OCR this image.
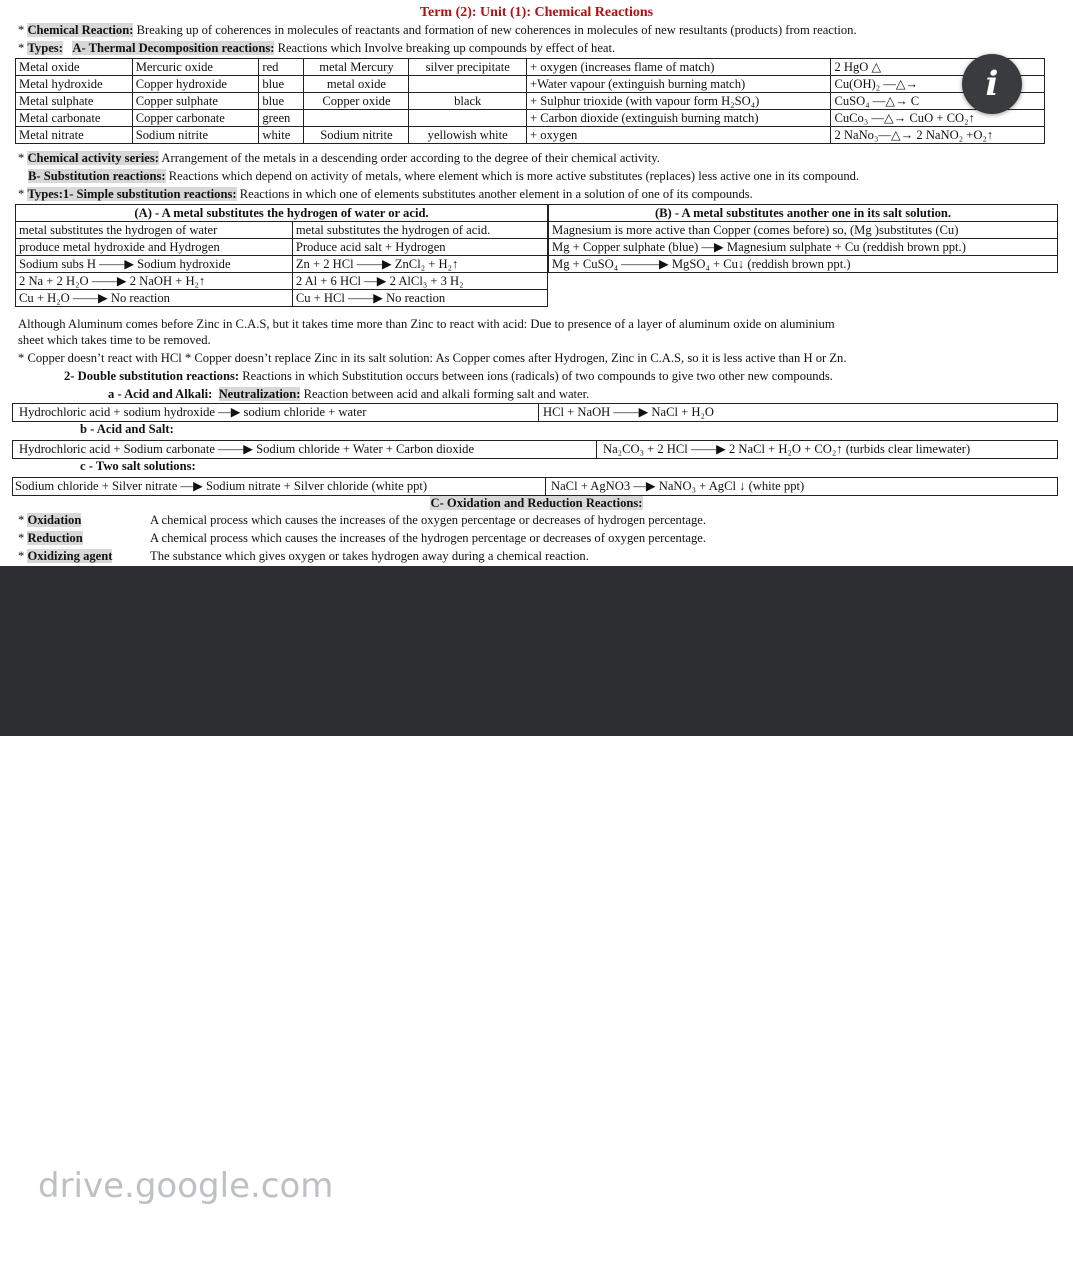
Term (2): Unit (1): Chemical Reactions
* Chemical Reaction: Breaking up of coherences in molecules of reactants and formation of new coherences in molecules of new resultants (products) from reaction.
* Types: A- Thermal Decomposition reactions: Reactions which Involve breaking up compounds by effect of heat.
Metal oxide	Mercuric oxide	red	metal Mercury	silver precipitate	+ oxygen (increases flame of match)	2 HgO △
Metal hydroxide	Copper hydroxide	blue	metal oxide		+Water vapour (extinguish burning match)	Cu(OH)₂ —△→
Metal sulphate	Copper sulphate	blue	Copper oxide	black	+ Sulphur trioxide (with vapour form H₂SO₄)	CuSO₄ —△→ C
Metal carbonate	Copper carbonate	green			+ Carbon dioxide (extinguish burning match)	CuCo₃ —△→ CuO + CO₂↑
Metal nitrate	Sodium nitrite	white	Sodium nitrite	yellowish white	+ oxygen	2 NaNo₃—△→ 2 NaNO₂ +O₂↑
* Chemical activity series: Arrangement of the metals in a descending order according to the degree of their chemical activity.
B- Substitution reactions: Reactions which depend on activity of metals, where element which is more active substitutes (replaces) less active one in its compound.
* Types:1- Simple substitution reactions: Reactions in which one of elements substitutes another element in a solution of one of its compounds.
(A) - A metal substitutes the hydrogen of water or acid.	
metal substitutes the hydrogen of water	metal substitutes the hydrogen of acid.
produce metal hydroxide and Hydrogen	Produce acid salt + Hydrogen
Sodium subs H ——▶ Sodium hydroxide	Zn + 2 HCl ——▶ ZnCl₂ + H₂↑
2 Na + 2 H₂O ——▶ 2 NaOH + H₂↑	2 Al + 6 HCl —▶ 2 AlCl₃ + 3 H₂
Cu + H₂O ——▶ No reaction	Cu + HCl ——▶ No reaction
(B) - A metal substitutes another one in its salt solution.
Magnesium is more active than Copper (comes before) so, (Mg )substitutes (Cu)
Mg + Copper sulphate (blue) —▶ Magnesium sulphate + Cu (reddish brown ppt.)
Mg + CuSO₄ ———▶ MgSO₄ + Cu↓ (reddish brown ppt.)
Although Aluminum comes before Zinc in C.A.S, but it takes time more than Zinc to react with acid: Due to presence of a layer of aluminum oxide on aluminium
sheet which takes time to be removed.
* Copper doesn’t react with HCl * Copper doesn’t replace Zinc in its salt solution: As Copper comes after Hydrogen, Zinc in C.A.S, so it is less active than H or Zn.
2- Double substitution reactions: Reactions in which Substitution occurs between ions (radicals) of two compounds to give two other new compounds.
a - Acid and Alkali: Neutralization: Reaction between acid and alkali forming salt and water.
Hydrochloric acid + sodium hydroxide —▶ sodium chloride + water	HCl + NaOH ——▶ NaCl + H₂O
b - Acid and Salt:
Hydrochloric acid + Sodium carbonate ——▶ Sodium chloride + Water + Carbon dioxide	Na₂CO₃ + 2 HCl ——▶ 2 NaCl + H₂O + CO₂↑ (turbids clear limewater)
c - Two salt solutions:
Sodium chloride + Silver nitrate —▶ Sodium nitrate + Silver chloride (white ppt)	NaCl + AgNO3 —▶ NaNO₃ + AgCl ↓ (white ppt)
C- Oxidation and Reduction Reactions:
* Oxidation	A chemical process which causes the increases of the oxygen percentage or decreases of hydrogen percentage.
* Reduction	A chemical process which causes the increases of the hydrogen percentage or decreases of oxygen percentage.
* Oxidizing agent	The substance which gives oxygen or takes hydrogen away during a chemical reaction.
i
drive.google.com
5olasa 2022.pdf
